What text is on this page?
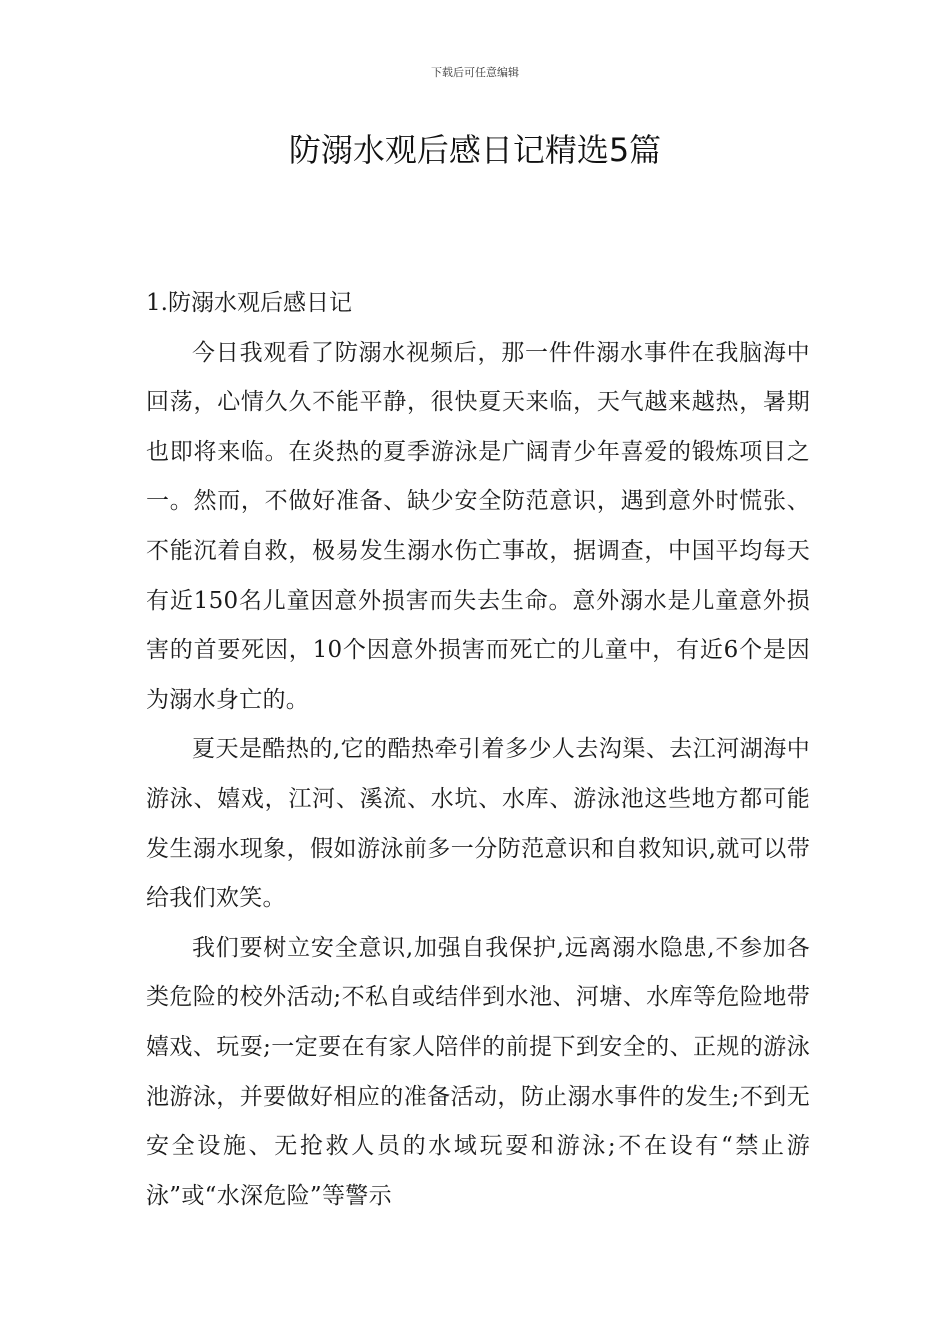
下载后可任意编辑
防溺水观后感日记精选5篇
1.防溺水观后感日记

今日我观看了防溺水视频后，那一件件溺水事件在我脑海中回荡，心情久久不能平静，很快夏天来临，天气越来越热，暑期也即将来临。在炎热的夏季游泳是广阔青少年喜爱的锻炼项目之一。然而，不做好准备、缺少安全防范意识，遇到意外时慌张、不能沉着自救，极易发生溺水伤亡事故，据调查，中国平均每天有近150名儿童因意外损害而失去生命。意外溺水是儿童意外损害的首要死因，10个因意外损害而死亡的儿童中，有近6个是因为溺水身亡的。

夏天是酷热的,它的酷热牵引着多少人去沟渠、去江河湖海中游泳、嬉戏，江河、溪流、水坑、水库、游泳池这些地方都可能发生溺水现象，假如游泳前多一分防范意识和自救知识,就可以带给我们欢笑。

我们要树立安全意识,加强自我保护,远离溺水隐患,不参加各类危险的校外活动;不私自或结伴到水池、河塘、水库等危险地带嬉戏、玩耍;一定要在有家人陪伴的前提下到安全的、正规的游泳池游泳，并要做好相应的准备活动，防止溺水事件的发生;不到无安全设施、无抢救人员的水域玩耍和游泳;不在设有“禁止游泳”或“水深危险”等警示
